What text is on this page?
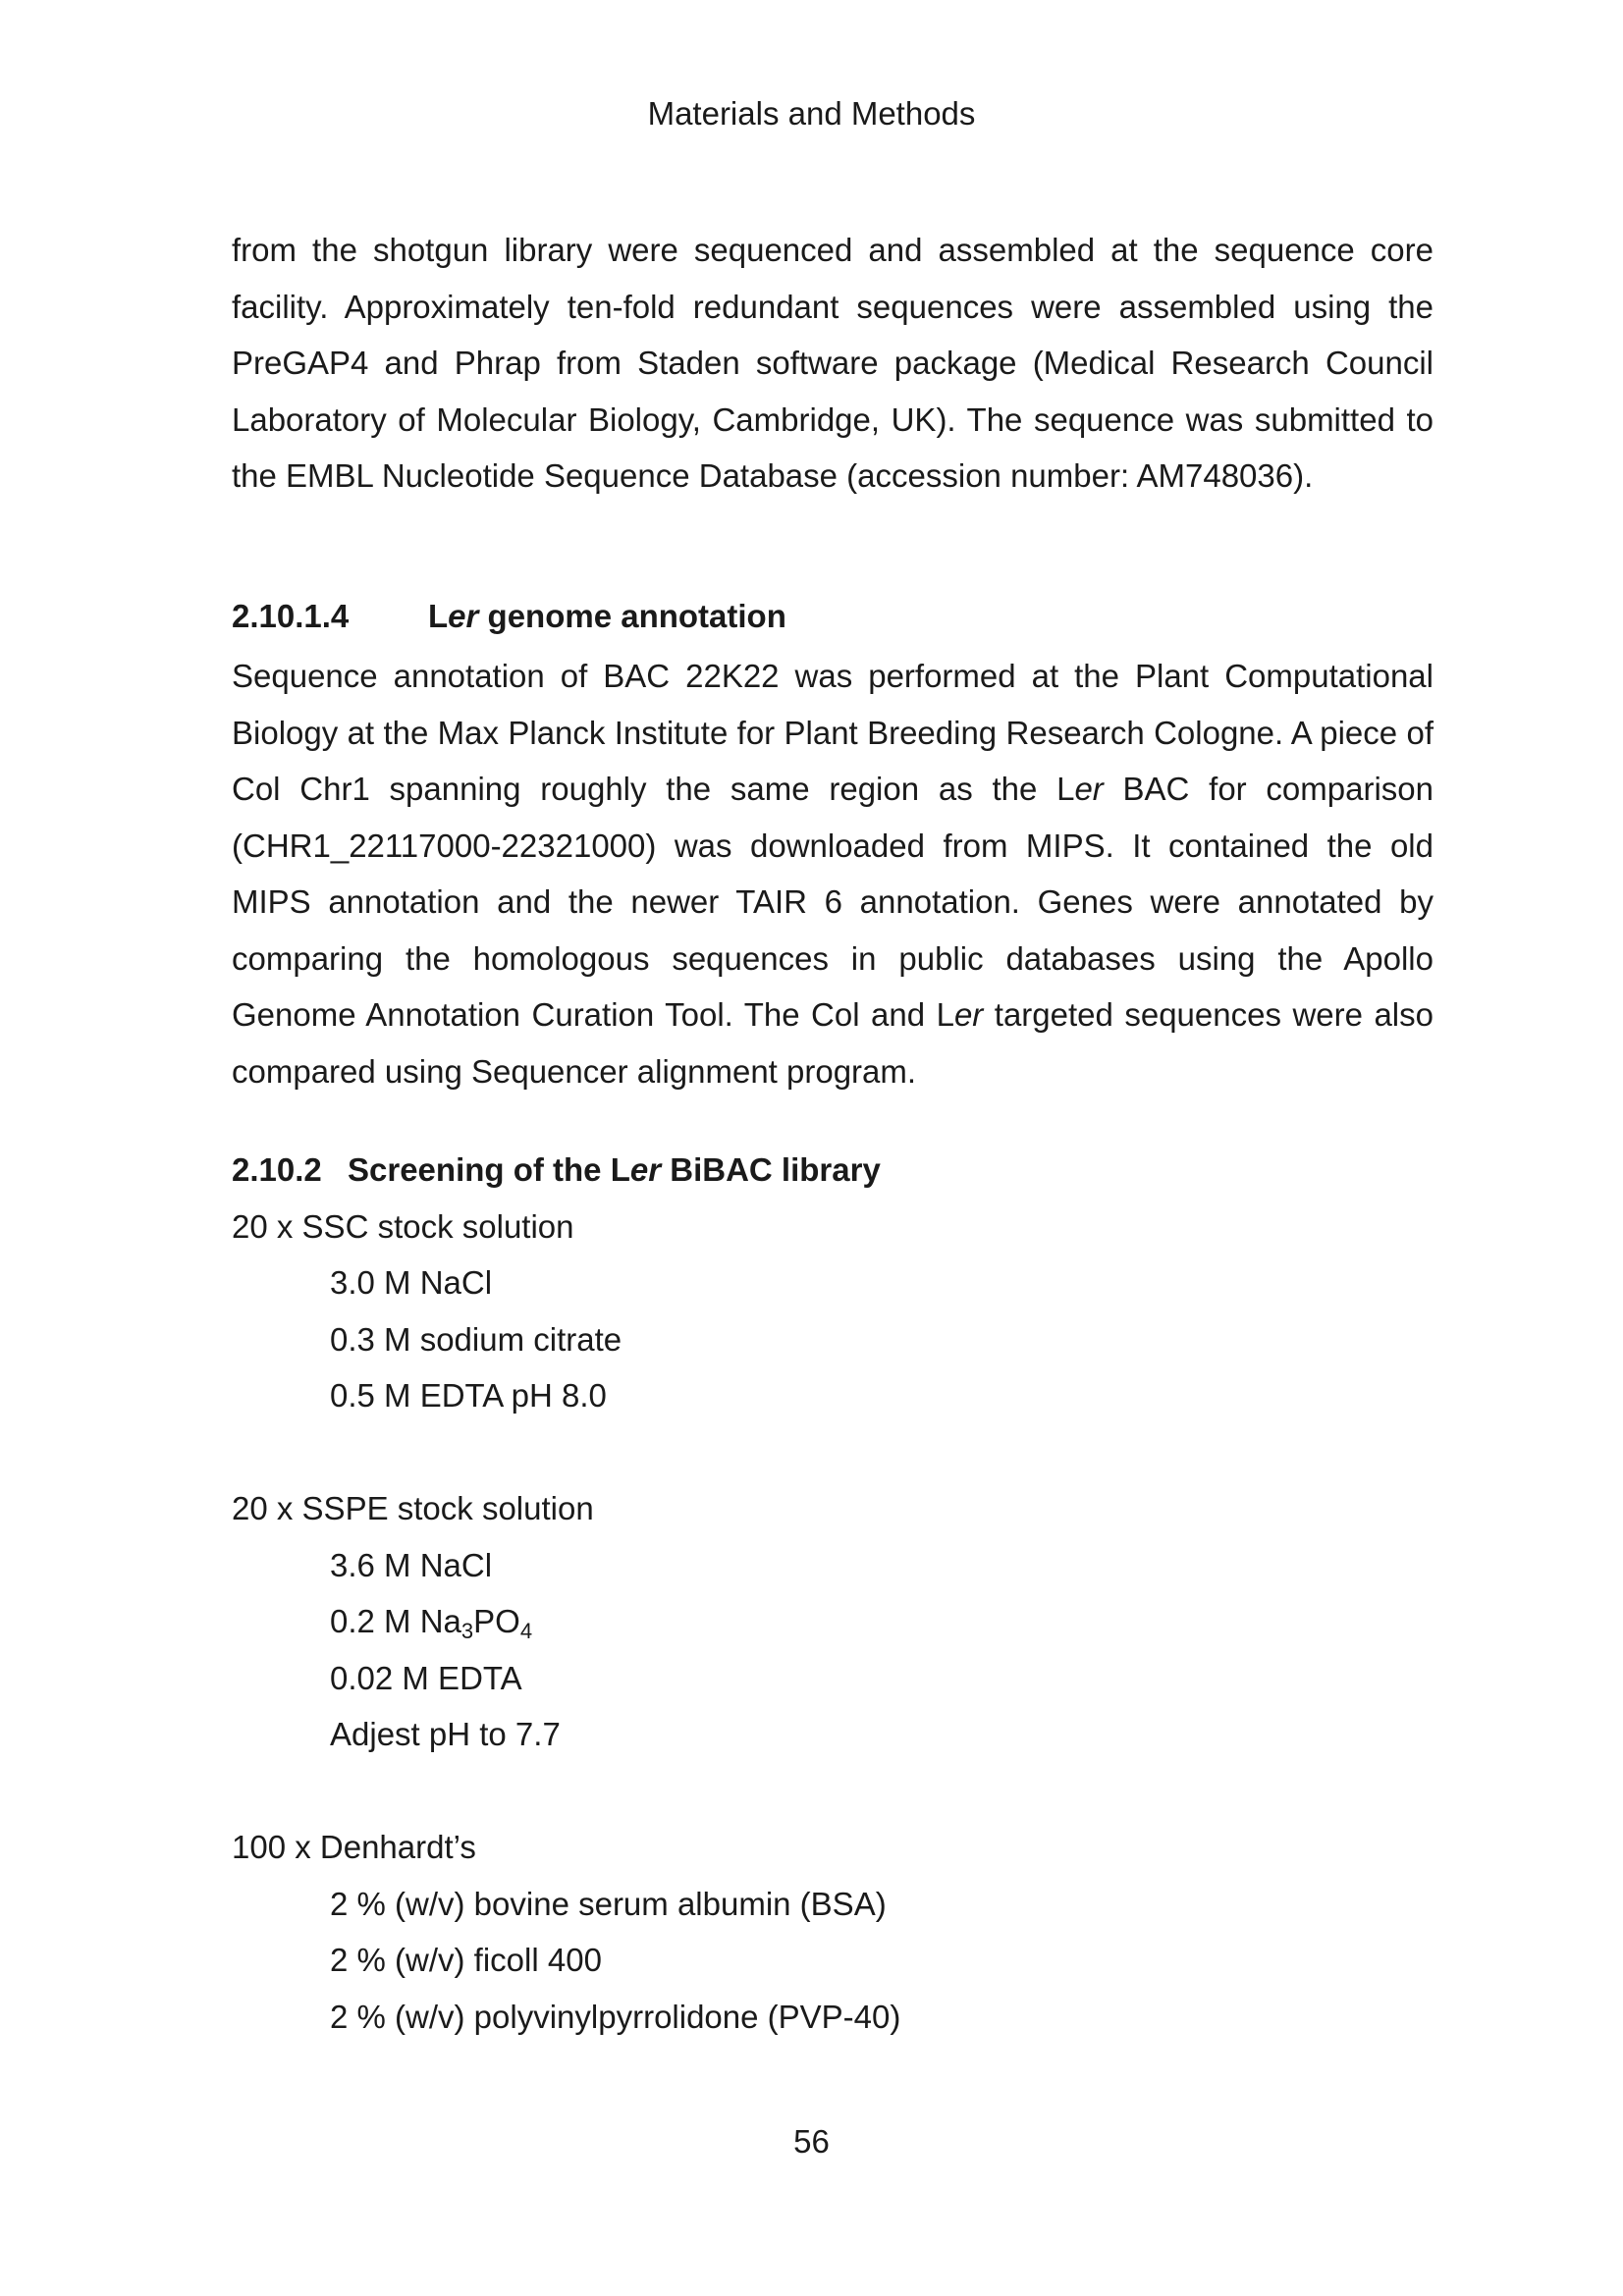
Materials and Methods

from the shotgun library were sequenced and assembled at the sequence core facility. Approximately ten-fold redundant sequences were assembled using the PreGAP4 and Phrap from Staden software package (Medical Research Council Laboratory of Molecular Biology, Cambridge, UK). The sequence was submitted to the EMBL Nucleotide Sequence Database (accession number: AM748036).

2.10.1.4 Ler genome annotation

Sequence annotation of BAC 22K22 was performed at the Plant Computational Biology at the Max Planck Institute for Plant Breeding Research Cologne. A piece of Col Chr1 spanning roughly the same region as the Ler BAC for comparison (CHR1_22117000-22321000) was downloaded from MIPS. It contained the old MIPS annotation and the newer TAIR 6 annotation. Genes were annotated by comparing the homologous sequences in public databases using the Apollo Genome Annotation Curation Tool. The Col and Ler targeted sequences were also compared using Sequencer alignment program.

2.10.2 Screening of the Ler BiBAC library

20 x SSC stock solution

3.0 M NaCl

0.3 M sodium citrate

0.5 M EDTA pH 8.0

20 x SSPE stock solution

3.6 M NaCl

0.2 M $Na_3PO_4$

0.02 M EDTA

Adjest pH to 7.7

100 x Denhardt’s

2 % (w/v) bovine serum albumin (BSA)

2 % (w/v) ficoll 400

2 % (w/v) polyvinylpyrrolidone (PVP-40)

56
